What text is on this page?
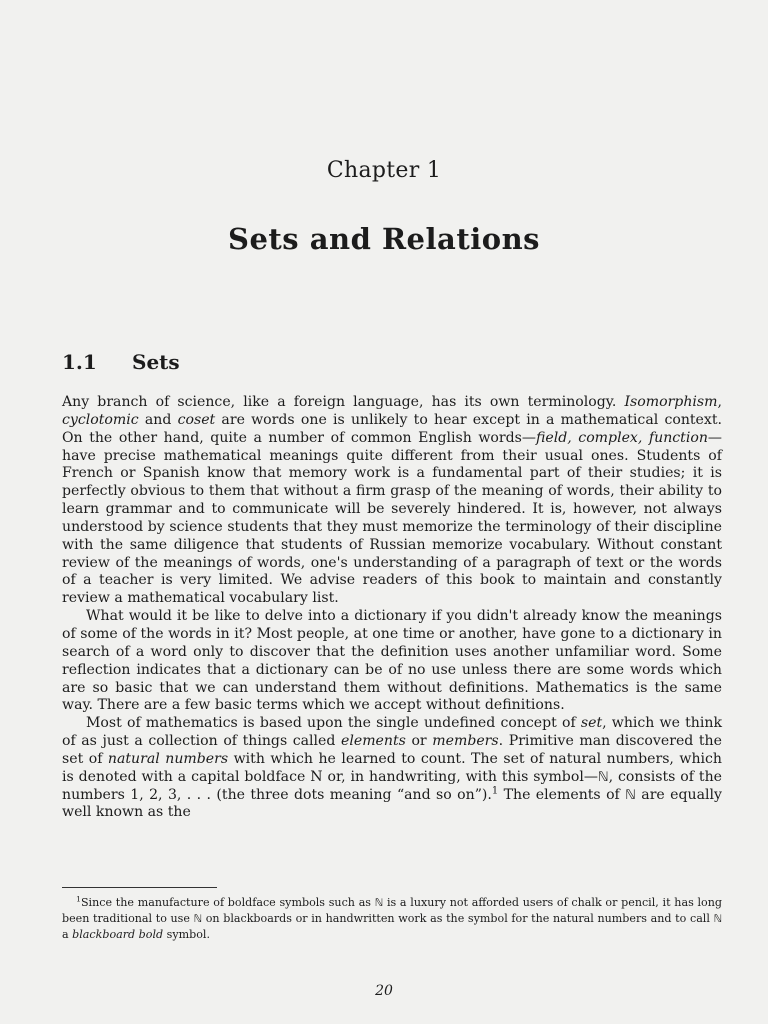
Chapter 1
Sets and Relations
1.1 Sets

Any branch of science, like a foreign language, has its own terminology. Isomorphism, cyclotomic and coset are words one is unlikely to hear except in a mathematical context. On the other hand, quite a number of common English words—field, complex, function—have precise mathematical meanings quite different from their usual ones. Students of French or Spanish know that memory work is a fundamental part of their studies; it is perfectly obvious to them that without a firm grasp of the meaning of words, their ability to learn grammar and to communicate will be severely hindered. It is, however, not always understood by science students that they must memorize the terminology of their discipline with the same diligence that students of Russian memorize vocabulary. Without constant review of the meanings of words, one's understanding of a paragraph of text or the words of a teacher is very limited. We advise readers of this book to maintain and constantly review a mathematical vocabulary list.

What would it be like to delve into a dictionary if you didn't already know the meanings of some of the words in it? Most people, at one time or another, have gone to a dictionary in search of a word only to discover that the definition uses another unfamiliar word. Some reflection indicates that a dictionary can be of no use unless there are some words which are so basic that we can understand them without definitions. Mathematics is the same way. There are a few basic terms which we accept without definitions.

Most of mathematics is based upon the single undefined concept of set, which we think of as just a collection of things called elements or members. Primitive man discovered the set of natural numbers with which he learned to count. The set of natural numbers, which is denoted with a capital boldface N or, in handwriting, with this symbol—ℕ, consists of the numbers 1, 2, 3, . . . (the three dots meaning “and so on”).$^1$ The elements of ℕ are equally well known as the

$^1$Since the manufacture of boldface symbols such as ℕ is a luxury not afforded users of chalk or pencil, it has long been traditional to use ℕ on blackboards or in handwritten work as the symbol for the natural numbers and to call ℕ a blackboard bold symbol.

20
